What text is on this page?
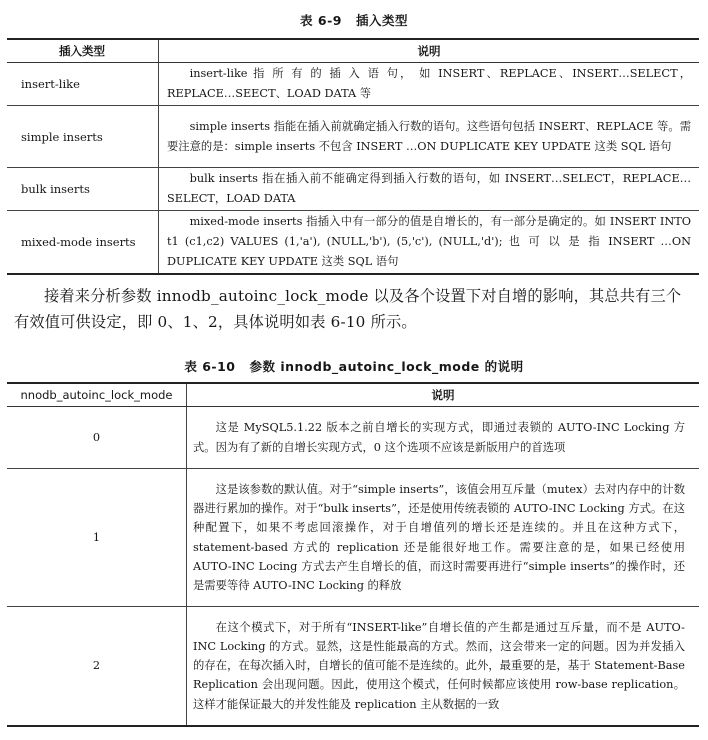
表 6-9 插入类型
插入类型	说明
insert-like	insert-like 指 所 有 的 插 入 语 句， 如 INSERT、REPLACE、INSERT…SELECT，REPLACE…SEECT、LOAD DATA 等
simple inserts	simple inserts 指能在插入前就确定插入行数的语句。这些语句包括 INSERT、REPLACE 等。需要注意的是：simple inserts 不包含 INSERT …ON DUPLICATE KEY UPDATE 这类 SQL 语句
bulk inserts	bulk inserts 指在插入前不能确定得到插入行数的语句，如 INSERT…SELECT，REPLACE…SELECT，LOAD DATA
mixed-mode inserts	mixed-mode inserts 指插入中有一部分的值是自增长的，有一部分是确定的。如 INSERT INTO t1 (c1,c2) VALUES (1,'a'), (NULL,'b'), (5,'c'), (NULL,'d'); 也 可 以 是 指 INSERT …ON DUPLICATE KEY UPDATE 这类 SQL 语句
接着来分析参数 innodb_autoinc_lock_mode 以及各个设置下对自增的影响，其总共有三个有效值可供设定，即 0、1、2，具体说明如表 6-10 所示。
表 6-10 参数 innodb_autoinc_lock_mode 的说明
nnodb_autoinc_lock_mode	说明
0	这是 MySQL5.1.22 版本之前自增长的实现方式，即通过表锁的 AUTO-INC Locking 方式。因为有了新的自增长实现方式，0 这个选项不应该是新版用户的首选项
1	这是该参数的默认值。对于“simple inserts”，该值会用互斥量（mutex）去对内存中的计数器进行累加的操作。对于“bulk inserts”，还是使用传统表锁的 AUTO-INC Locking 方式。在这种配置下，如果不考虑回滚操作，对于自增值列的增长还是连续的。并且在这种方式下，statement-based 方式的 replication 还是能很好地工作。需要注意的是，如果已经使用 AUTO-INC Locing 方式去产生自增长的值，而这时需要再进行“simple inserts”的操作时，还是需要等待 AUTO-INC Locking 的释放
2	在这个模式下，对于所有“INSERT-like”自增长值的产生都是通过互斥量，而不是 AUTO-INC Locking 的方式。显然，这是性能最高的方式。然而，这会带来一定的问题。因为并发插入的存在，在每次插入时，自增长的值可能不是连续的。此外，最重要的是，基于 Statement-Base Replication 会出现问题。因此，使用这个模式，任何时候都应该使用 row-base replication。这样才能保证最大的并发性能及 replication 主从数据的一致
